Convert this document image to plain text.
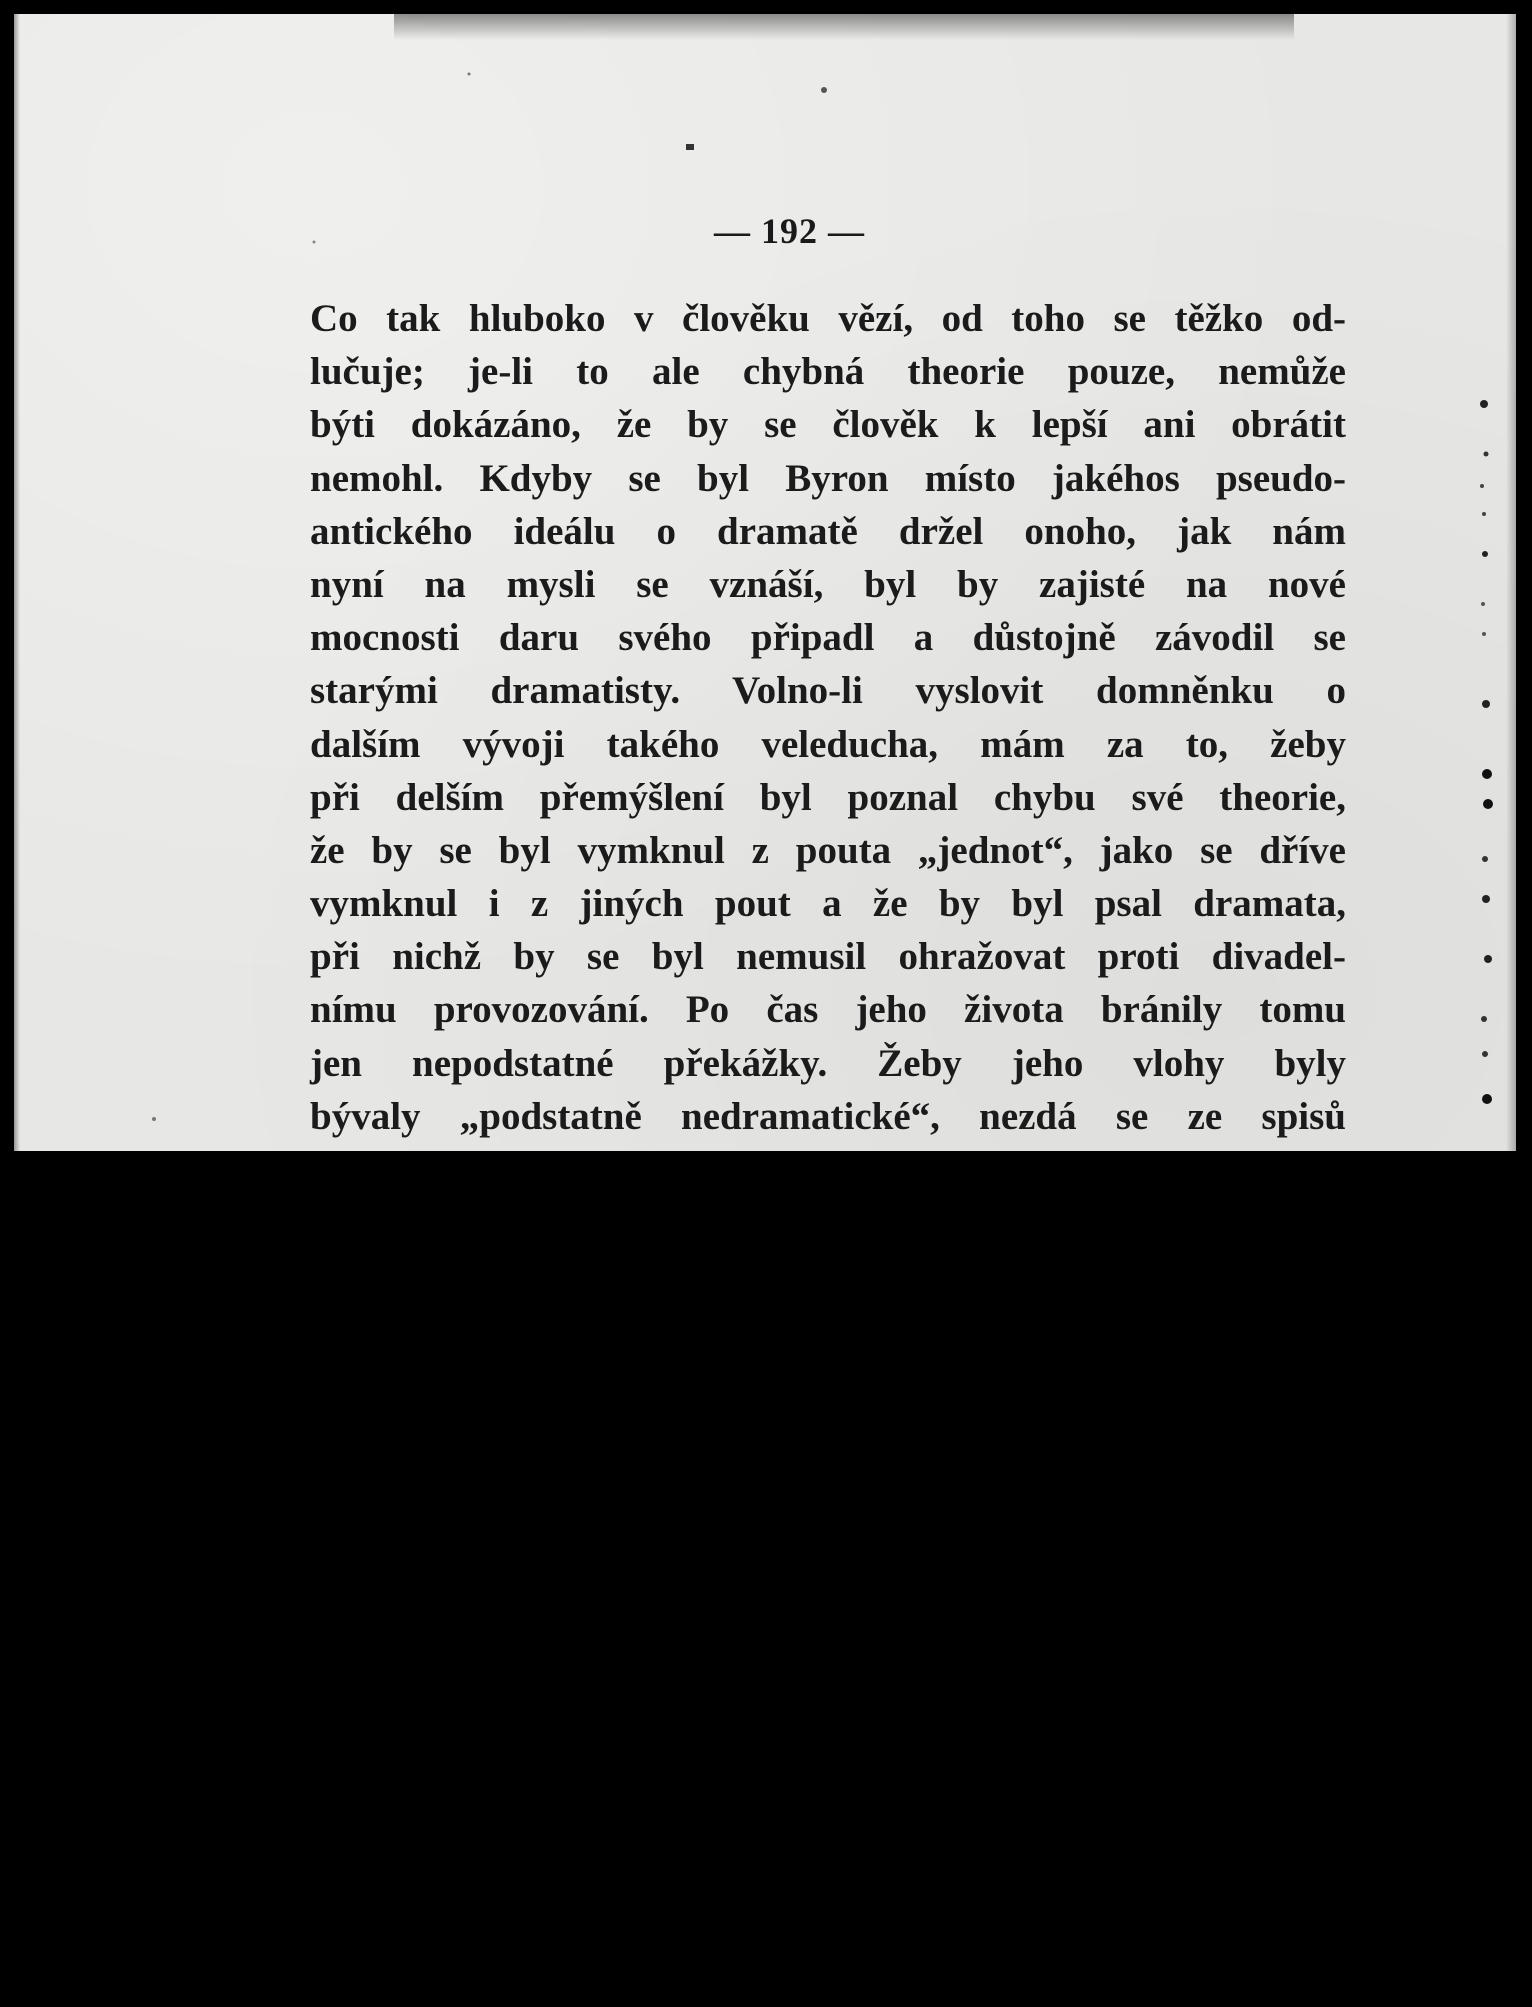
— 192 —
Co tak hluboko v člověku vězí, od toho se těžko od-
lučuje; je-li to ale chybná theorie pouze, nemůže
býti dokázáno, že by se člověk k lepší ani obrátit
nemohl. Kdyby se byl Byron místo jakéhos pseudo-
antického ideálu o dramatě držel onoho, jak nám
nyní na mysli se vznáší, byl by zajisté na nové
mocnosti daru svého připadl a důstojně závodil se
starými dramatisty. Volno-li vyslovit domněnku o
dalším vývoji takého veleducha, mám za to, žeby
při delším přemýšlení byl poznal chybu své theorie,
že by se byl vymknul z pouta „jednot“, jako se dříve
vymknul i z jiných pout a že by byl psal dramata,
při nichž by se byl nemusil ohražovat proti divadel-
nímu provozování. Po čas jeho života bránily tomu
jen nepodstatné překážky. Žeby jeho vlohy byly
bývaly „podstatně nedramatické“, nezdá se ze spisů
